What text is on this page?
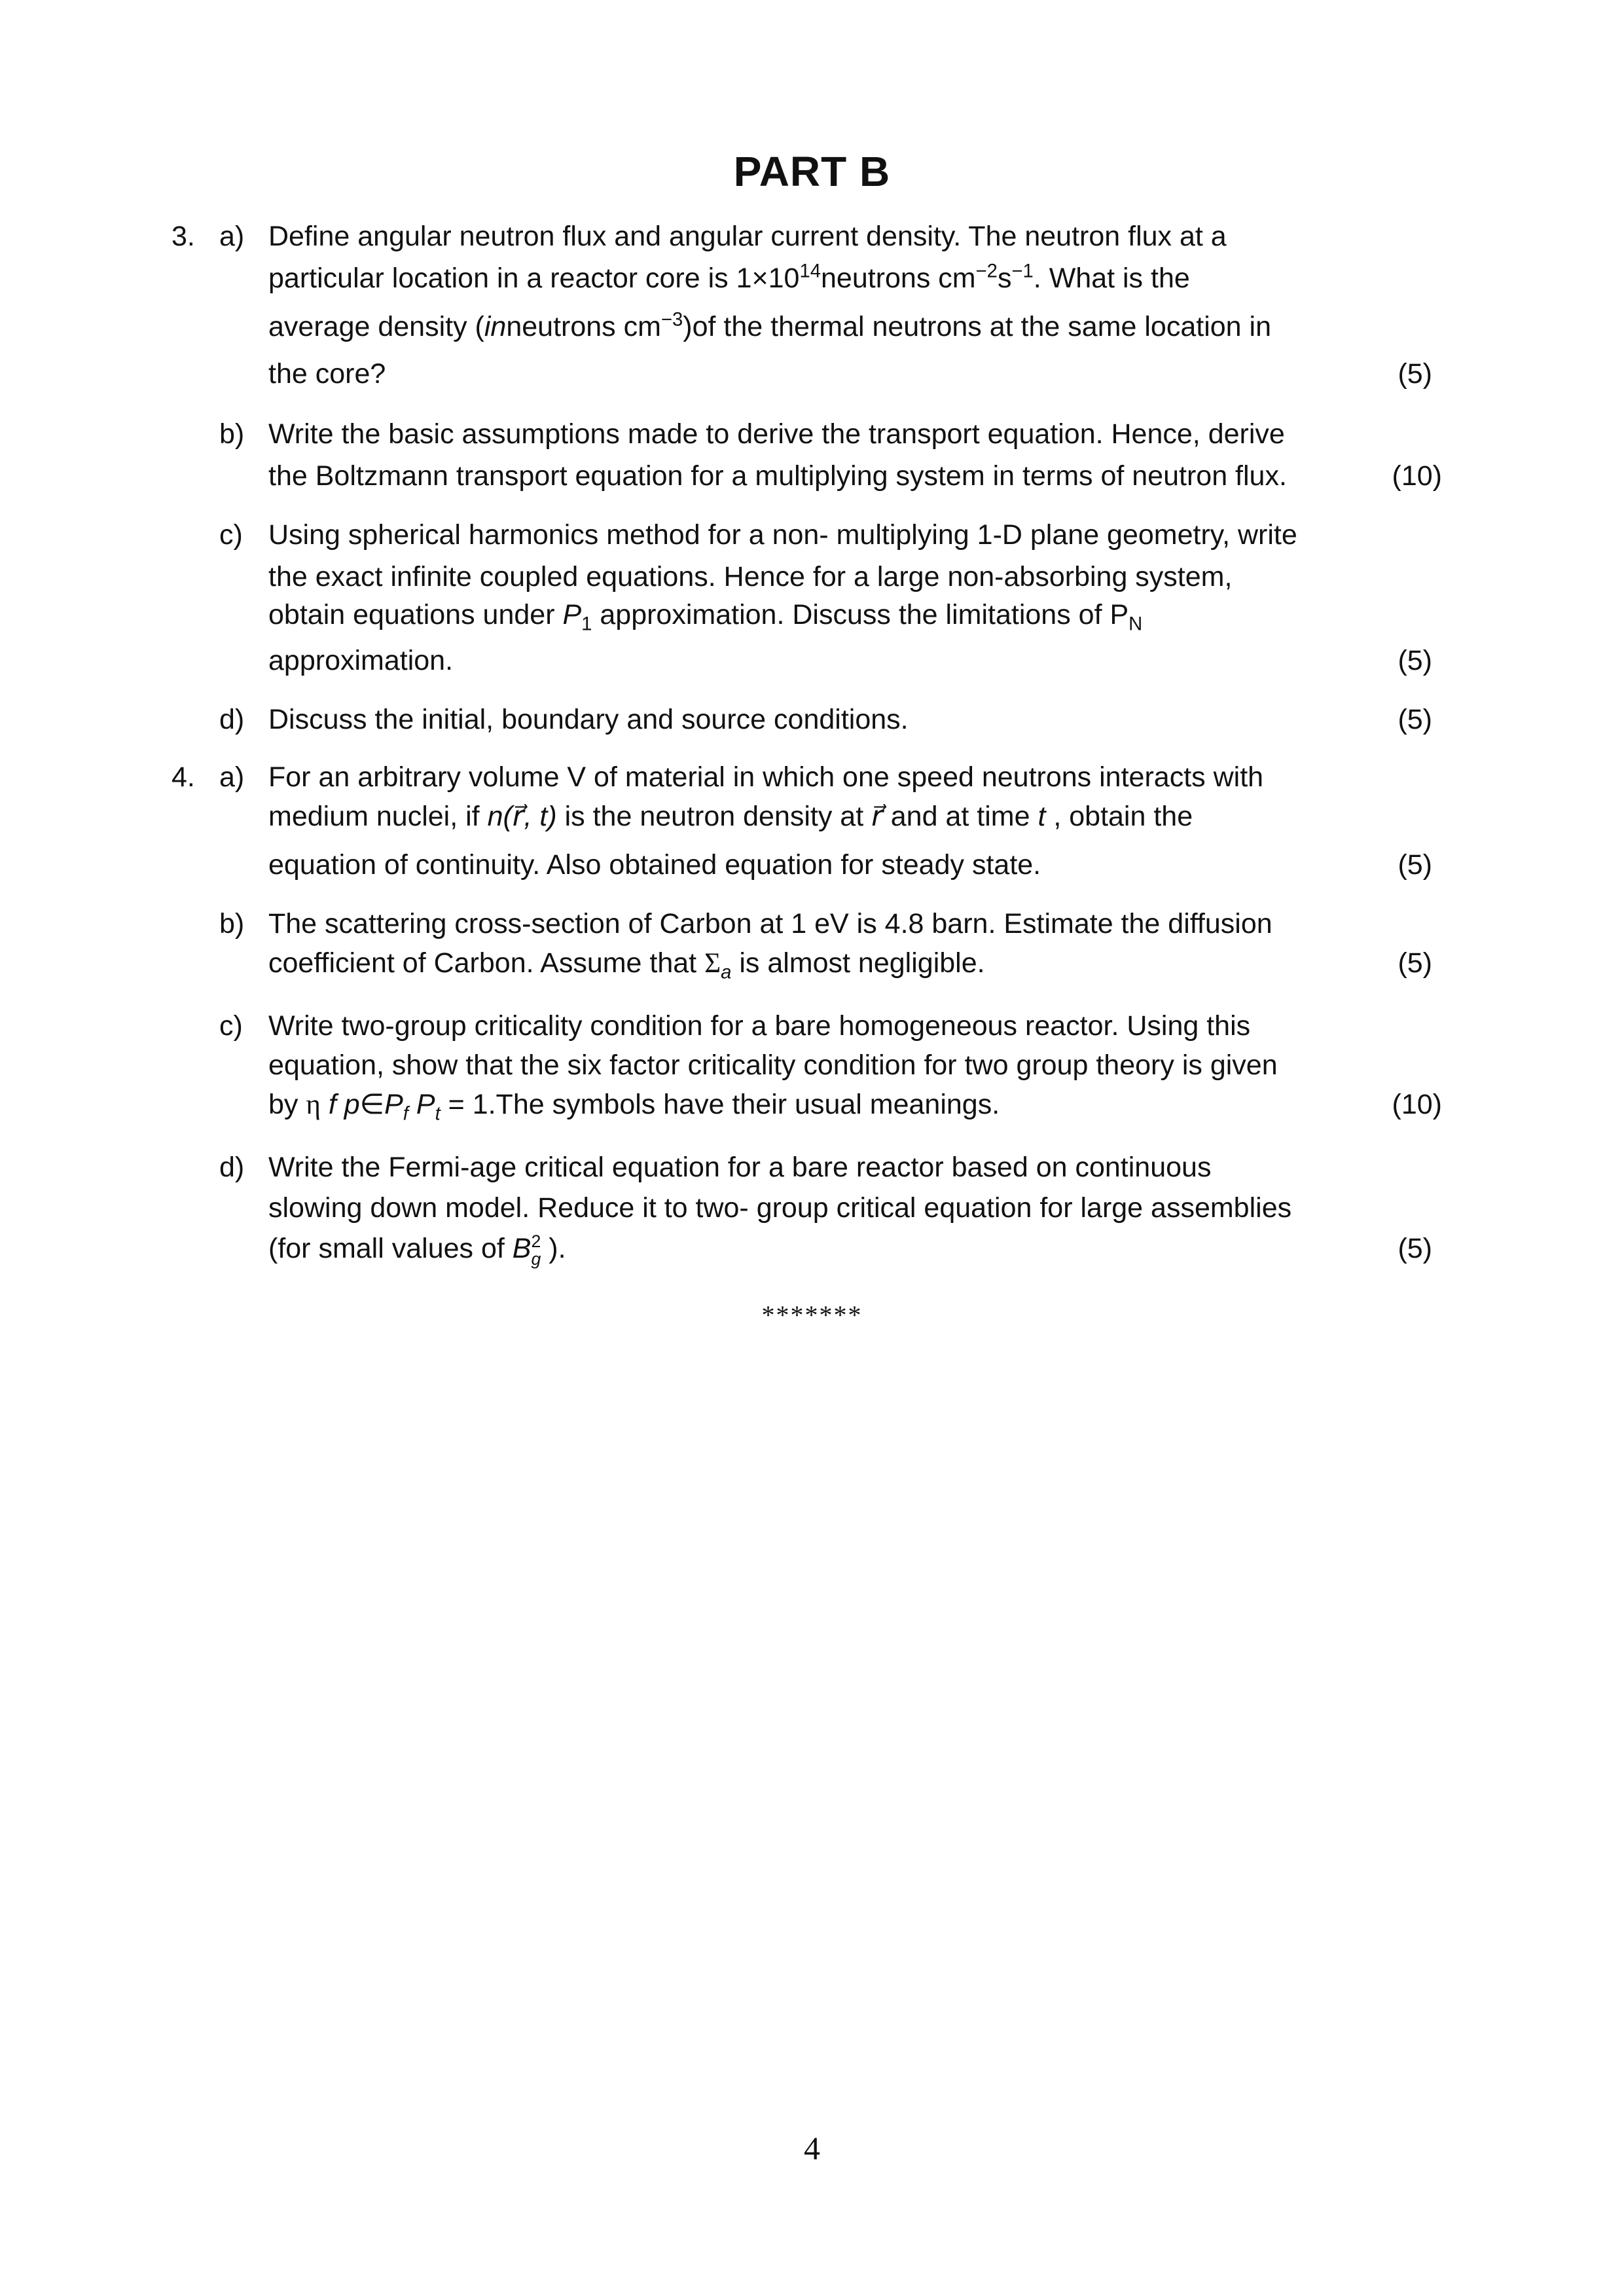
PART B
3. a) Define angular neutron flux and angular current density. The neutron flux at a
particular location in a reactor core is $1\times 10^{14}neutrons$ $cm^{-2}s^{-1}$. What is the
average density (inneutrons $cm^{-3})of$ the thermal neutrons at the same location in
the core?	(5)
b) Write the basic assumptions made to derive the transport equation. Hence, derive
the Boltzmann transport equation for a multiplying system in terms of neutron flux.	(10)
c) Using spherical harmonics method for a non- multiplying 1-D plane geometry, write
the exact infinite coupled equations. Hence for a large non-absorbing system,
obtain equations under $P_1$ approximation. Discuss the limitations of $P_N$
approximation.	(5)
d) Discuss the initial, boundary and source conditions.	(5)
4. a) For an arbitrary volume V of material in which one speed neutrons interacts with
medium nuclei, if n(r⃗, t) is the neutron density at r⃗ and at time t , obtain the
equation of continuity. Also obtained equation for steady state.	(5)
b) The scattering cross-section of Carbon at 1 eV is 4.8 barn. Estimate the diffusion
coefficient of Carbon. Assume that $\Sigma_a$ is almost negligible.	(5)
c) Write two-group criticality condition for a bare homogeneous reactor. Using this
equation, show that the six factor criticality condition for two group theory is given
by η f $p\in P_f$ $P_t = 1.The$ symbols have their usual meanings.	(10)
d) Write the Fermi-age critical equation for a bare reactor based on continuous
slowing down model. Reduce it to two- group critical equation for large assemblies
(for small values of B 2
g ).	(5)
*******
4
